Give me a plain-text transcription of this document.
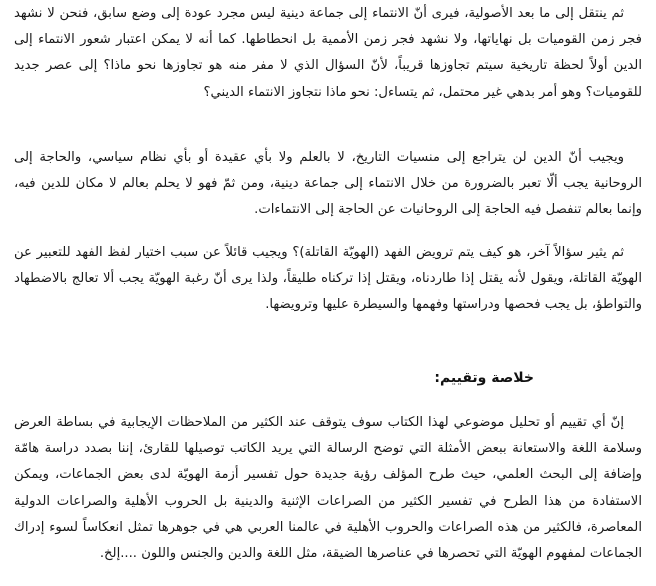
ثم ينتقل إلى ما بعد الأصولية، فيرى أنّ الانتماء إلى جماعة دينية ليس مجرد عودة إلى وضع سابق، فنحن لا نشهد فجر زمن القوميات بل نهاياتها، ولا نشهد فجر زمن الأممية بل انحطاطها. كما أنه لا يمكن اعتبار شعور الانتماء إلى الدين أولاً لحظة تاريخية سيتم تجاوزها قريباً، لأنّ السؤال الذي لا مفر منه هو تجاوزها نحو ماذا؟ إلى عصر جديد للقوميات؟ وهو أمر بدهي غير محتمل، ثم يتساءل: نحو ماذا نتجاوز الانتماء الديني؟

ويجيب أنّ الدين لن يتراجع إلى منسيات التاريخ، لا بالعلم ولا بأي عقيدة أو بأي نظام سياسي، والحاجة إلى الروحانية يجب ألّا تعبر بالضرورة من خلال الانتماء إلى جماعة دينية، ومن ثمّ فهو لا يحلم بعالم لا مكان للدين فيه، وإنما بعالم تنفصل فيه الحاجة إلى الروحانيات عن الحاجة إلى الانتماءات.

ثم يثير سؤالاً آخر، هو كيف يتم ترويض الفهد (الهويّة القاتلة)؟ ويجيب قائلاً عن سبب اختيار لفظ الفهد للتعبير عن الهويّة القاتلة، ويقول لأنه يقتل إذا طاردناه، ويقتل إذا تركناه طليقاً، ولذا يرى أنّ رغبة الهويّة يجب ألا تعالج بالاضطهاد والتواطؤ، بل يجب فحصها ودراستها وفهمها والسيطرة عليها وترويضها.

خلاصة وتقييم:

إنّ أي تقييم أو تحليل موضوعي لهذا الكتاب سوف يتوقف عند الكثير من الملاحظات الإيجابية في بساطة العرض وسلامة اللغة والاستعانة ببعض الأمثلة التي توضح الرسالة التي يريد الكاتب توصيلها للقارئ، إننا بصدد دراسة هامّة وإضافة إلى البحث العلمي، حيث طرح المؤلف رؤية جديدة حول تفسير أزمة الهويّة لدى بعض الجماعات، ويمكن الاستفادة من هذا الطرح في تفسير الكثير من الصراعات الإثنية والدينية بل الحروب الأهلية والصراعات الدولية المعاصرة، فالكثير من هذه الصراعات والحروب الأهلية في عالمنا العربي هي في جوهرها تمثل انعكاساً لسوء إدراك الجماعات لمفهوم الهويّة التي تحصرها في عناصرها الضيقة، مثل اللغة والدين والجنس واللون ....إلخ.
